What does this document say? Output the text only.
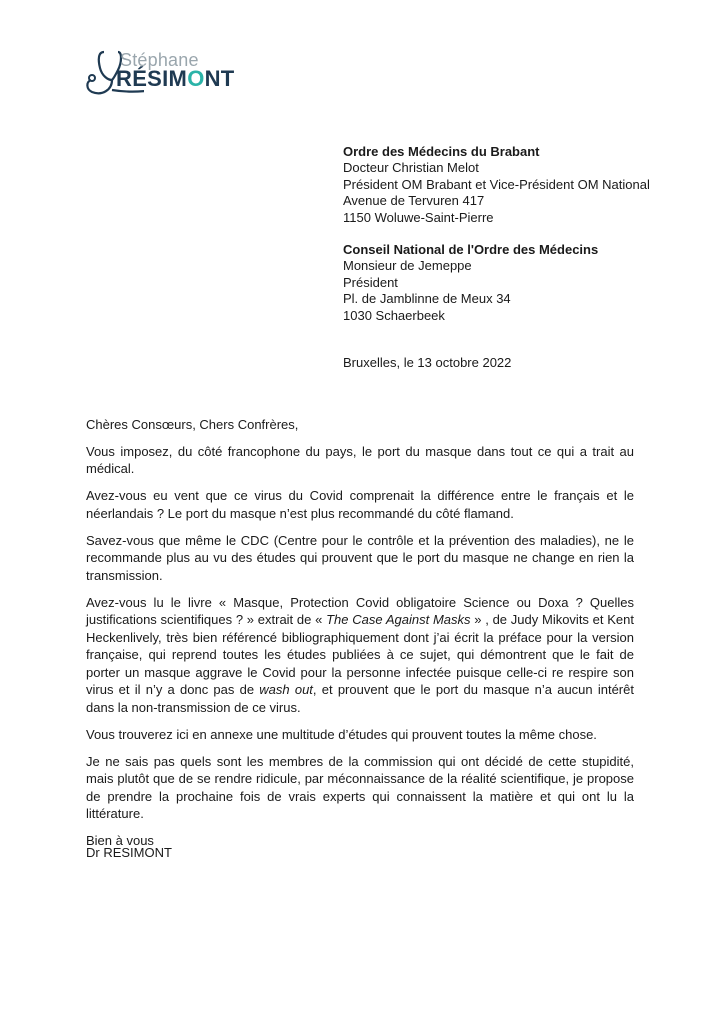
Stéphane
RÉSIMONT
Ordre des Médecins du Brabant
Docteur Christian Melot
Président OM Brabant et Vice-Président OM National
Avenue de Tervuren 417
1150 Woluwe-Saint-Pierre
Conseil National de l'Ordre des Médecins
Monsieur de Jemeppe
Président
Pl. de Jamblinne de Meux 34
1030 Schaerbeek
Bruxelles, le 13 octobre 2022

Chères Consœurs, Chers Confrères,

Vous imposez, du côté francophone du pays, le port du masque dans tout ce qui a trait au médical.

Avez-vous eu vent que ce virus du Covid comprenait la différence entre le français et le néerlandais ? Le port du masque n’est plus recommandé du côté flamand.

Savez-vous que même le CDC (Centre pour le contrôle et la prévention des maladies), ne le recommande plus au vu des études qui prouvent que le port du masque ne change en rien la transmission.

Avez-vous lu le livre « Masque, Protection Covid obligatoire Science ou Doxa ? Quelles justifications scientifiques ? » extrait de « The Case Against Masks » , de Judy Mikovits et Kent Heckenlively, très bien référencé bibliographiquement dont j’ai écrit la préface pour la version française, qui reprend toutes les études publiées à ce sujet, qui démontrent que le fait de porter un masque aggrave le Covid pour la personne infectée puisque celle-ci re respire son virus et il n’y a donc pas de wash out, et prouvent que le port du masque n’a aucun intérêt dans la non-transmission de ce virus.

Vous trouverez ici en annexe une multitude d’études qui prouvent toutes la même chose.

Je ne sais pas quels sont les membres de la commission qui ont décidé de cette stupidité, mais plutôt que de se rendre ridicule, par méconnaissance de la réalité scientifique, je propose de prendre la prochaine fois de vrais experts qui connaissent la matière et qui ont lu la littérature.

Bien à vous

Dr RESIMONT
